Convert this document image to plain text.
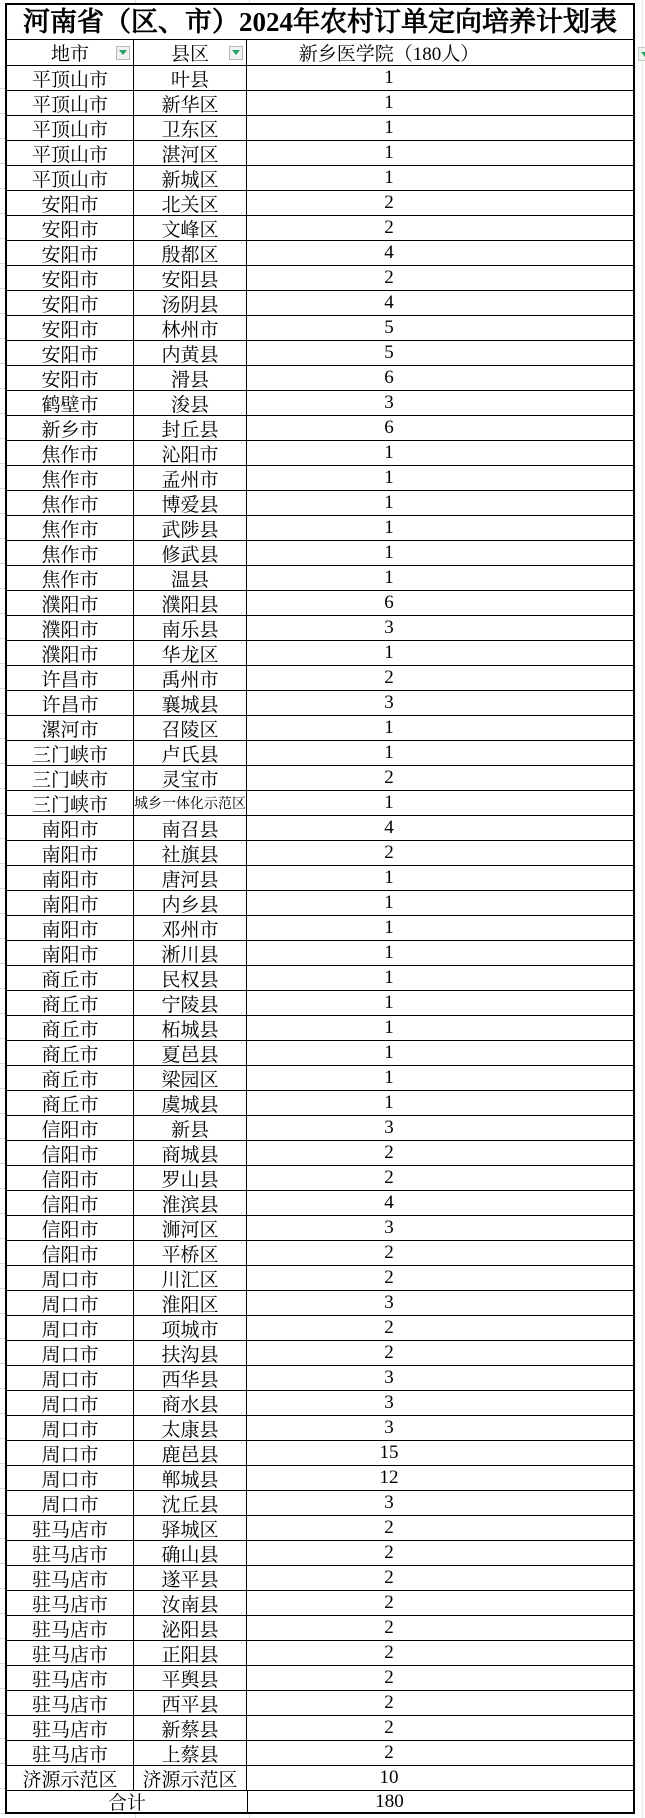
河南省（区、市）2024年农村订单定向培养计划表
地市	县区	新乡医学院（180人）
平顶山市	叶县	1
平顶山市	新华区	1
平顶山市	卫东区	1
平顶山市	湛河区	1
平顶山市	新城区	1
安阳市	北关区	2
安阳市	文峰区	2
安阳市	殷都区	4
安阳市	安阳县	2
安阳市	汤阴县	4
安阳市	林州市	5
安阳市	内黄县	5
安阳市	滑县	6
鹤壁市	浚县	3
新乡市	封丘县	6
焦作市	沁阳市	1
焦作市	孟州市	1
焦作市	博爱县	1
焦作市	武陟县	1
焦作市	修武县	1
焦作市	温县	1
濮阳市	濮阳县	6
濮阳市	南乐县	3
濮阳市	华龙区	1
许昌市	禹州市	2
许昌市	襄城县	3
漯河市	召陵区	1
三门峡市	卢氏县	1
三门峡市	灵宝市	2
三门峡市	城乡一体化示范区	1
南阳市	南召县	4
南阳市	社旗县	2
南阳市	唐河县	1
南阳市	内乡县	1
南阳市	邓州市	1
南阳市	淅川县	1
商丘市	民权县	1
商丘市	宁陵县	1
商丘市	柘城县	1
商丘市	夏邑县	1
商丘市	梁园区	1
商丘市	虞城县	1
信阳市	新县	3
信阳市	商城县	2
信阳市	罗山县	2
信阳市	淮滨县	4
信阳市	浉河区	3
信阳市	平桥区	2
周口市	川汇区	2
周口市	淮阳区	3
周口市	项城市	2
周口市	扶沟县	2
周口市	西华县	3
周口市	商水县	3
周口市	太康县	3
周口市	鹿邑县	15
周口市	郸城县	12
周口市	沈丘县	3
驻马店市	驿城区	2
驻马店市	确山县	2
驻马店市	遂平县	2
驻马店市	汝南县	2
驻马店市	泌阳县	2
驻马店市	正阳县	2
驻马店市	平舆县	2
驻马店市	西平县	2
驻马店市	新蔡县	2
驻马店市	上蔡县	2
济源示范区	济源示范区	10
合计	180
